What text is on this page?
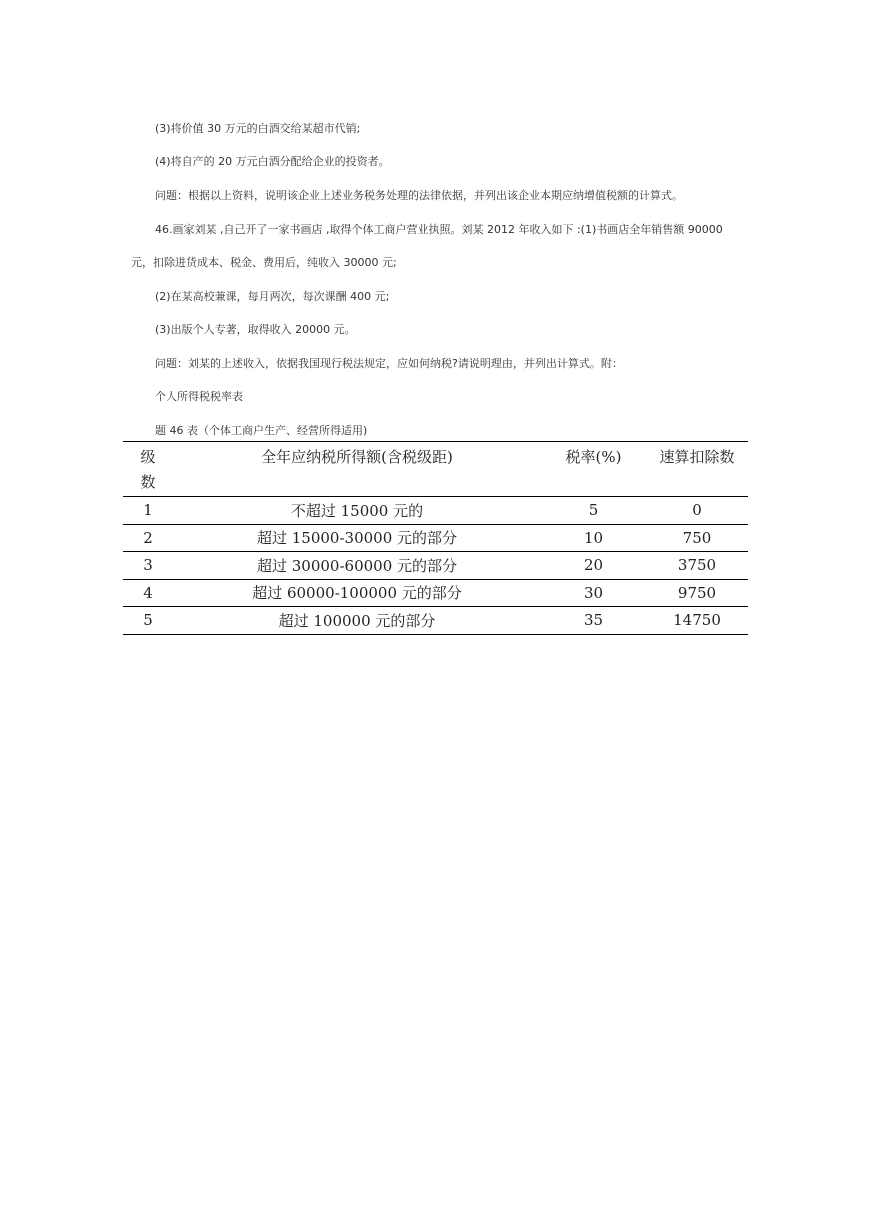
(3)将价值 30 万元的白酒交给某超市代销;
(4)将自产的 20 万元白酒分配给企业的投资者。
问题：根据以上资料，说明该企业上述业务税务处理的法律依据，并列出该企业本期应纳增值税额的计算式。
46.画家刘某 ,自己开了一家书画店 ,取得个体工商户营业执照。刘某 2012 年收入如下 :(1)书画店全年销售额 90000
元，扣除进货成本、税金、费用后，纯收入 30000 元;
(2)在某高校兼课，每月两次，每次课酬 400 元;
(3)出版个人专著，取得收入 20000 元。
问题：刘某的上述收入，依据我国现行税法规定，应如何纳税?请说明理由，并列出计算式。附：
个人所得税税率表
题 46 表（个体工商户生产、经营所得适用)
级
数	全年应纳税所得额(含税级距)	税率(%)	速算扣除数
1	不超过 15000 元的	5	0
2	超过 15000-30000 元的部分	10	750
3	超过 30000-60000 元的部分	20	3750
4	超过 60000-100000 元的部分	30	9750
5	超过 100000 元的部分	35	14750
